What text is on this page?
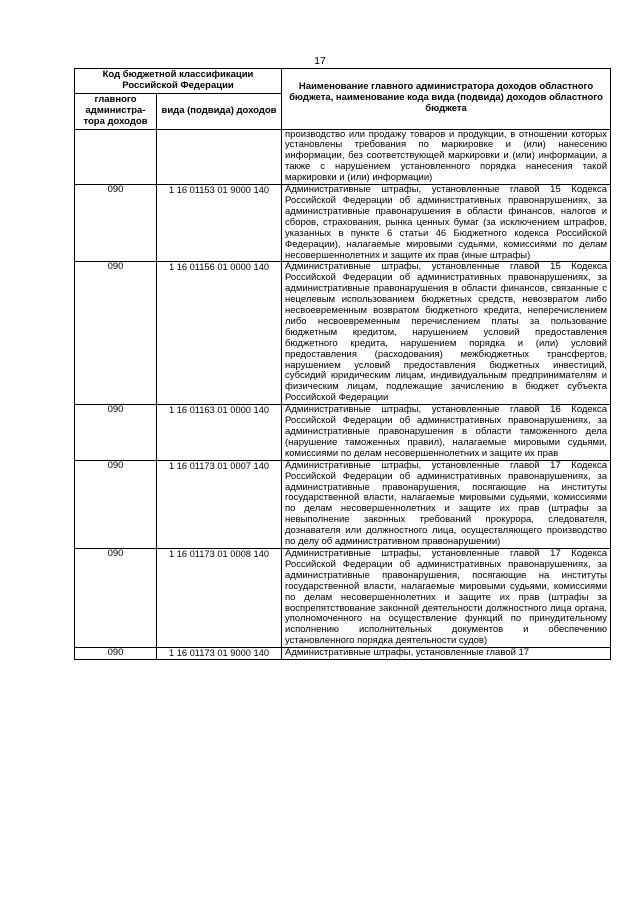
17
Код бюджетной классификации Российской Федерации		Наименование главного администратора доходов областного бюджета, наименование кода вида (подвида) доходов областного бюджета
главного администра-тора доходов	вида (подвида) доходов	
		производство или продажу товаров и продукции, в отношении которых установлены требования по маркировке и (или) нанесению информации, без соответствующей маркировки и (или) информации, а также с нарушением установленного порядка нанесения такой маркировки и (или) информации)
090	1 16 01153 01 9000 140	Административные штрафы, установленные главой 15 Кодекса Российской Федерации об административных правонарушениях, за административные правонарушения в области финансов, налогов и сборов, страхования, рынка ценных бумаг (за исключением штрафов, указанных в пункте 6 статьи 46 Бюджетного кодекса Российской Федерации), налагаемые мировыми судьями, комиссиями по делам несовершеннолетних и защите их прав (иные штрафы)
090	1 16 01156 01 0000 140	Административные штрафы, установленные главой 15 Кодекса Российской Федерации об административных правонарушениях, за административные правонарушения в области финансов, связанные с нецелевым использованием бюджетных средств, невозвратом либо несвоевременным возвратом бюджетного кредита, неперечислением либо несвоевременным перечислением платы за пользование бюджетным кредитом, нарушением условий предоставления бюджетного кредита, нарушением порядка и (или) условий предоставления (расходования) межбюджетных трансфертов, нарушением условий предоставления бюджетных инвестиций, субсидий юридическим лицам, индивидуальным предпринимателям и физическим лицам, подлежащие зачислению в бюджет субъекта Российской Федерации
090	1 16 01163 01 0000 140	Административные штрафы, установленные главой 16 Кодекса Российской Федерации об административных правонарушениях, за административные правонарушения в области таможенного дела (нарушение таможенных правил), налагаемые мировыми судьями, комиссиями по делам несовершеннолетних и защите их прав
090	1 16 01173 01 0007 140	Административные штрафы, установленные главой 17 Кодекса Российской Федерации об административных правонарушениях, за административные правонарушения, посягающие на институты государственной власти, налагаемые мировыми судьями, комиссиями по делам несовершеннолетних и защите их прав (штрафы за невыполнение законных требований прокурора, следователя, дознавателя или должностного лица, осуществляющего производство по делу об административном правонарушении)
090	1 16 01173 01 0008 140	Административные штрафы, установленные главой 17 Кодекса Российской Федерации об административных правонарушениях, за административные правонарушения, посягающие на институты государственной власти, налагаемые мировыми судьями, комиссиями по делам несовершеннолетних и защите их прав (штрафы за воспрепятствование законной деятельности должностного лица органа, уполномоченного на осуществление функций по принудительному исполнению исполнительных документов и обеспечению установленного порядка деятельности судов)
090	1 16 01173 01 9000 140	Административные штрафы, установленные главой 17
